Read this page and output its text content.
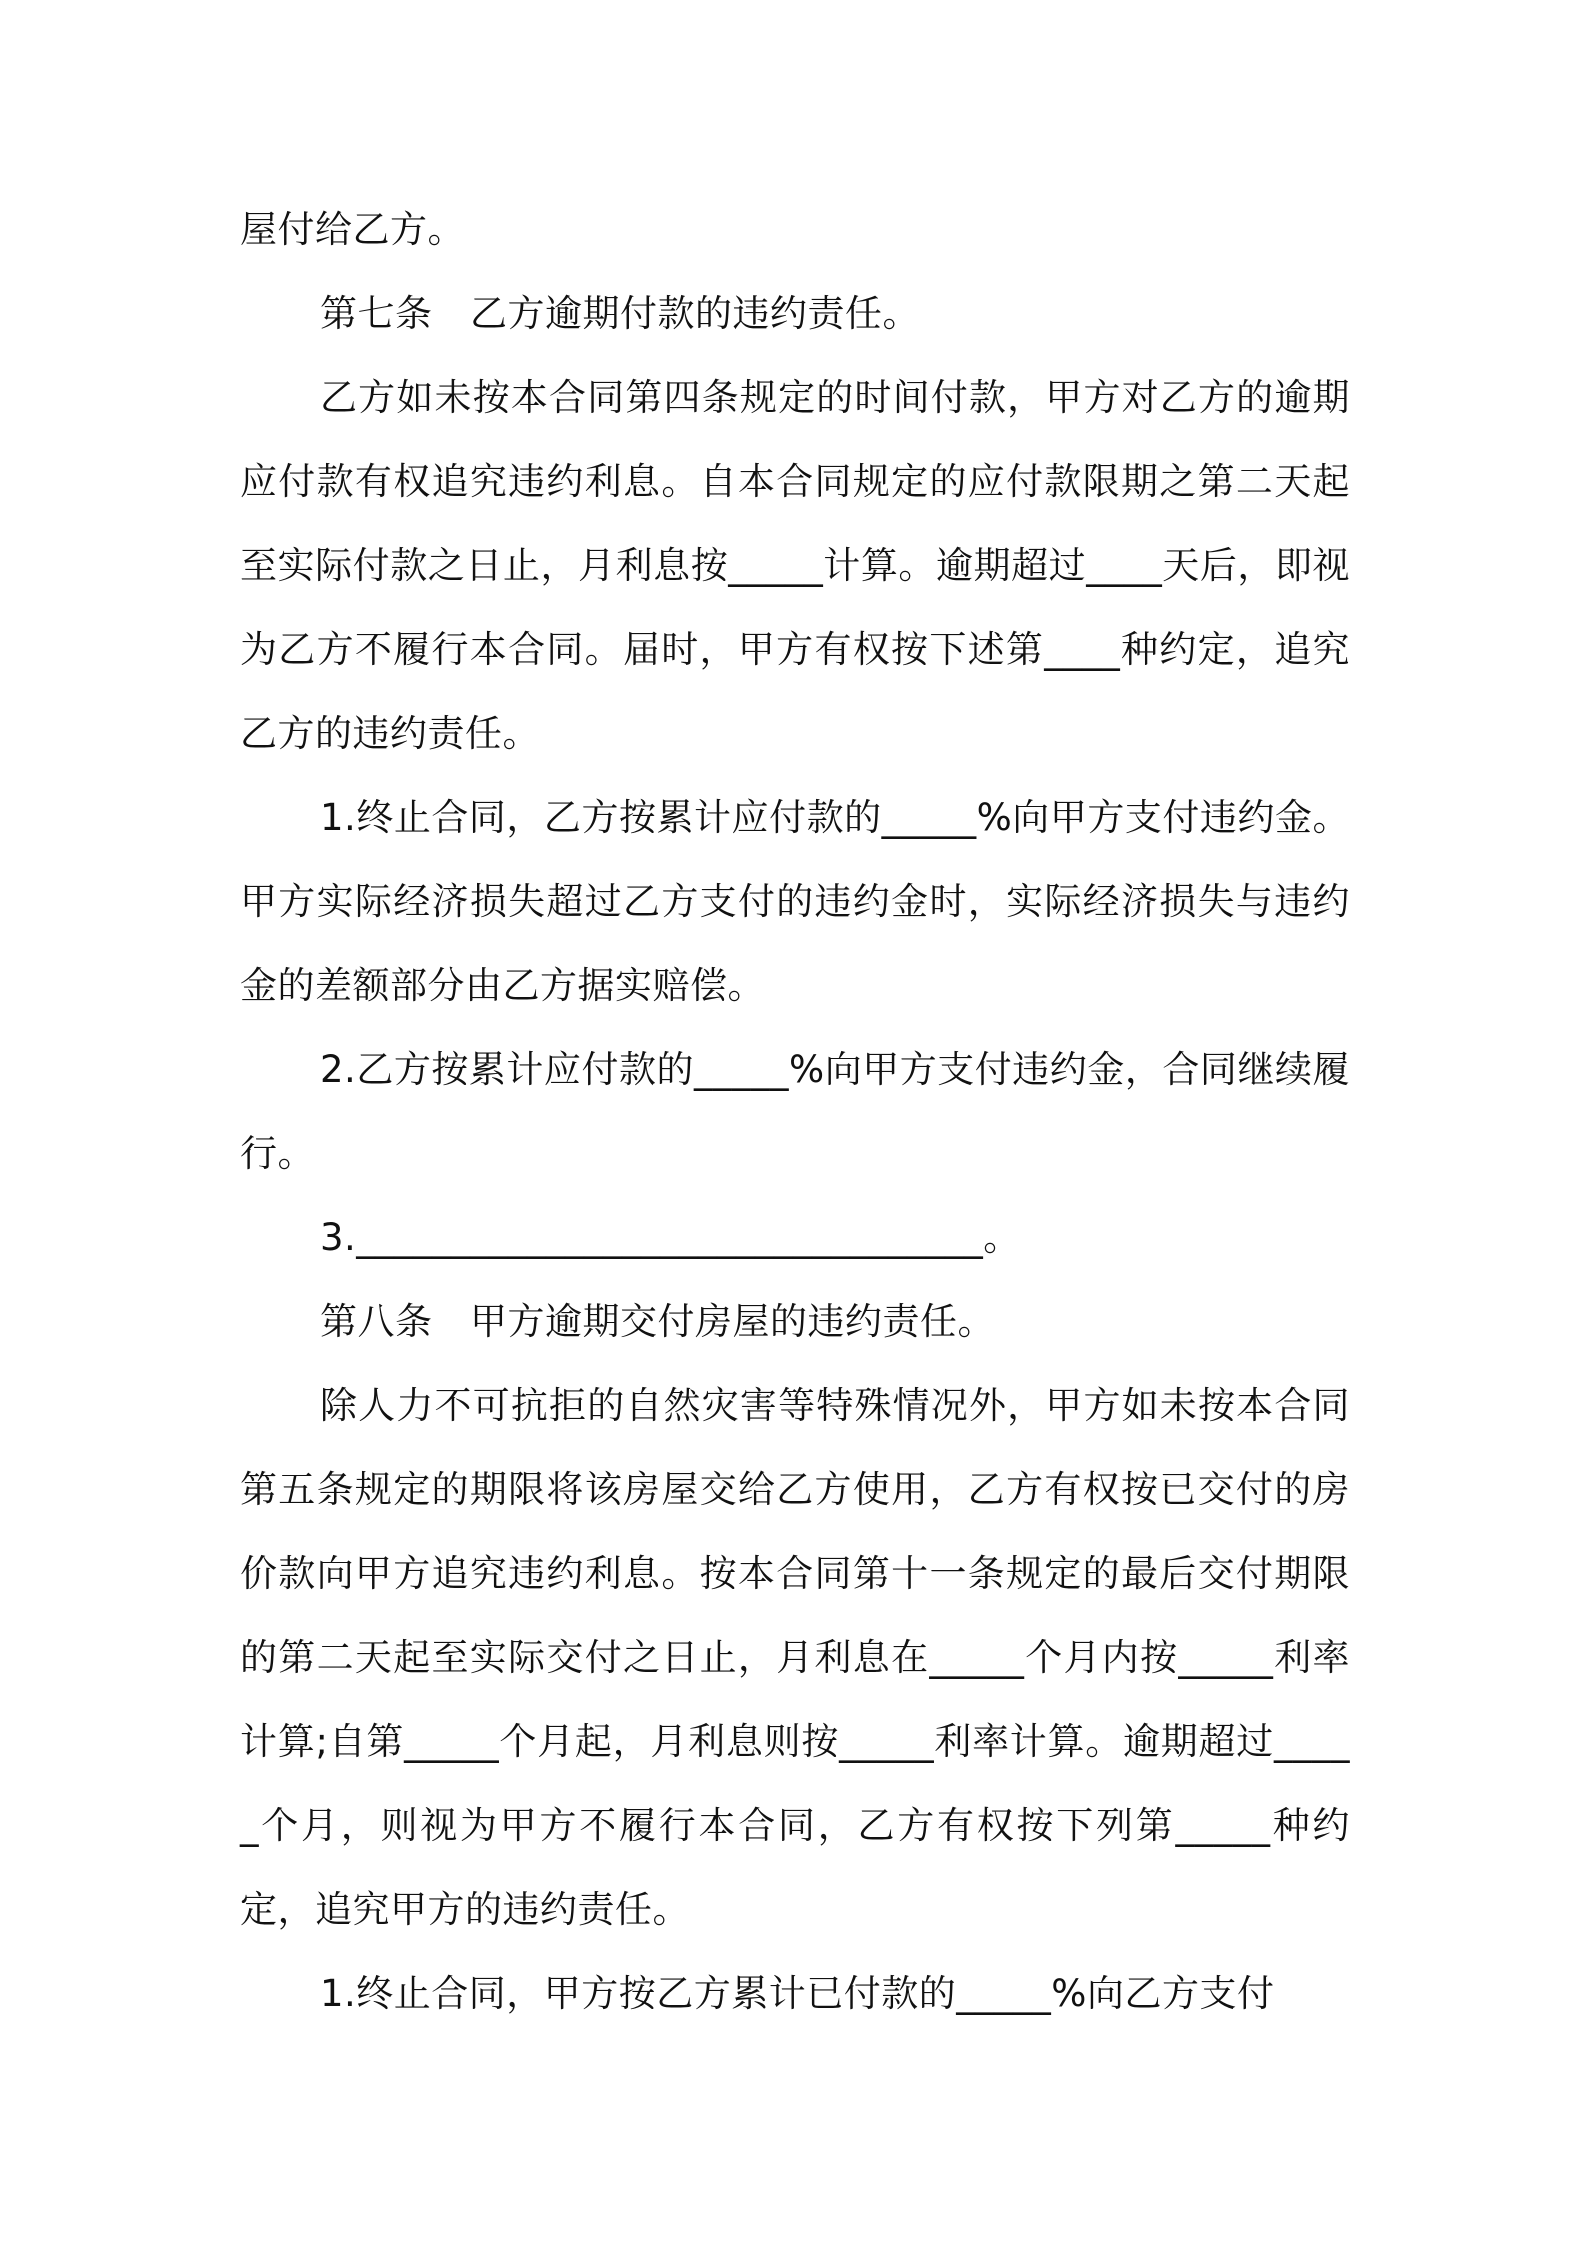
屋付给乙方。

第七条　乙方逾期付款的违约责任。

乙方如未按本合同第四条规定的时间付款，甲方对乙方的逾期应付款有权追究违约利息。自本合同规定的应付款限期之第二天起至实际付款之日止，月利息按_____计算。逾期超过____天后，即视为乙方不履行本合同。届时，甲方有权按下述第____种约定，追究乙方的违约责任。

1.终止合同，乙方按累计应付款的_____%向甲方支付违约金。甲方实际经济损失超过乙方支付的违约金时，实际经济损失与违约金的差额部分由乙方据实赔偿。

2.乙方按累计应付款的_____%向甲方支付违约金，合同继续履行。

3._________________________________。

第八条　甲方逾期交付房屋的违约责任。

除人力不可抗拒的自然灾害等特殊情况外，甲方如未按本合同第五条规定的期限将该房屋交给乙方使用，乙方有权按已交付的房价款向甲方追究违约利息。按本合同第十一条规定的最后交付期限的第二天起至实际交付之日止，月利息在_____个月内按_____利率计算;自第_____个月起，月利息则按_____利率计算。逾期超过_____个月，则视为甲方不履行本合同，乙方有权按下列第_____种约定，追究甲方的违约责任。

1.终止合同，甲方按乙方累计已付款的_____%向乙方支付
